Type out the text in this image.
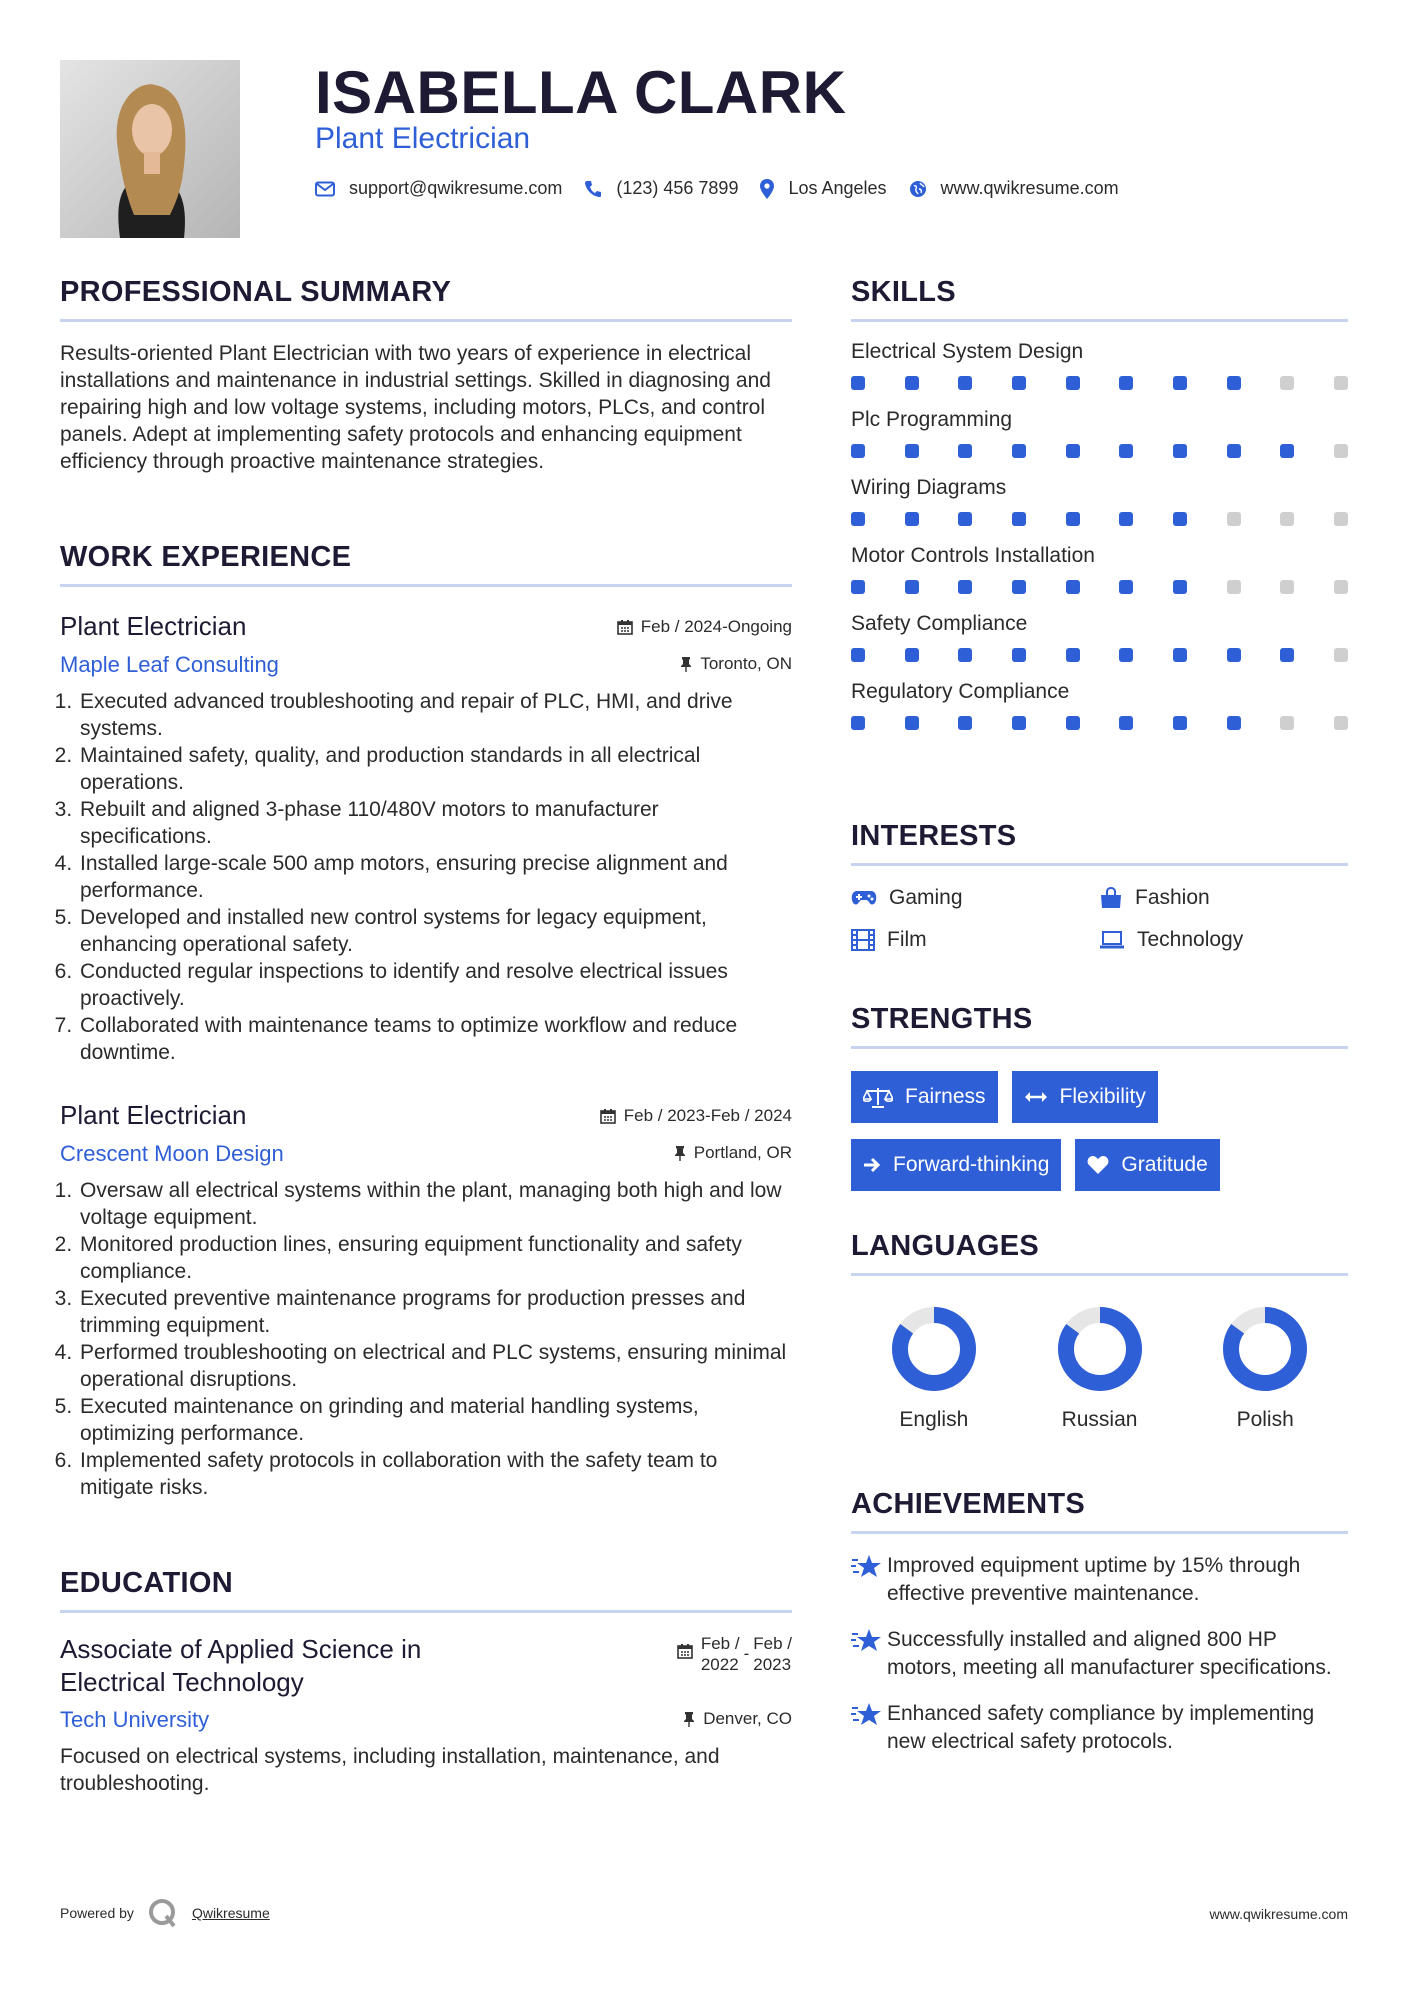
ISABELLA CLARK
Plant Electrician
support@qwikresume.com	(123) 456 7899	Los Angeles	www.qwikresume.com
PROFESSIONAL SUMMARY
Results-oriented Plant Electrician with two years of experience in electrical installations and maintenance in industrial settings. Skilled in diagnosing and repairing high and low voltage systems, including motors, PLCs, and control panels. Adept at implementing safety protocols and enhancing equipment efficiency through proactive maintenance strategies.
WORK EXPERIENCE
Plant Electrician	Feb / 2024-Ongoing
Maple Leaf Consulting	Toronto, ON
1. Executed advanced troubleshooting and repair of PLC, HMI, and drive systems.
2. Maintained safety, quality, and production standards in all electrical operations.
3. Rebuilt and aligned 3-phase 110/480V motors to manufacturer specifications.
4. Installed large-scale 500 amp motors, ensuring precise alignment and performance.
5. Developed and installed new control systems for legacy equipment, enhancing operational safety.
6. Conducted regular inspections to identify and resolve electrical issues proactively.
7. Collaborated with maintenance teams to optimize workflow and reduce downtime.
Plant Electrician	Feb / 2023-Feb / 2024
Crescent Moon Design	Portland, OR
1. Oversaw all electrical systems within the plant, managing both high and low voltage equipment.
2. Monitored production lines, ensuring equipment functionality and safety compliance.
3. Executed preventive maintenance programs for production presses and trimming equipment.
4. Performed troubleshooting on electrical and PLC systems, ensuring minimal operational disruptions.
5. Executed maintenance on grinding and material handling systems, optimizing performance.
6. Implemented safety protocols in collaboration with the safety team to mitigate risks.
EDUCATION
Associate of Applied Science in Electrical Technology
Feb /
2022
-
Feb /
2023
Tech University	Denver, CO
Focused on electrical systems, including installation, maintenance, and troubleshooting.
SKILLS
Electrical System Design
Plc Programming
Wiring Diagrams
Motor Controls Installation
Safety Compliance
Regulatory Compliance
INTERESTS
Gaming	Fashion
Film	Technology
STRENGTHS
Fairness	Flexibility
Forward-thinking	Gratitude
LANGUAGES
English	Russian	Polish
ACHIEVEMENTS
Improved equipment uptime by 15% through effective preventive maintenance.
Successfully installed and aligned 800 HP motors, meeting all manufacturer specifications.
Enhanced safety compliance by implementing new electrical safety protocols.
Powered by	Qwikresume	www.qwikresume.com
